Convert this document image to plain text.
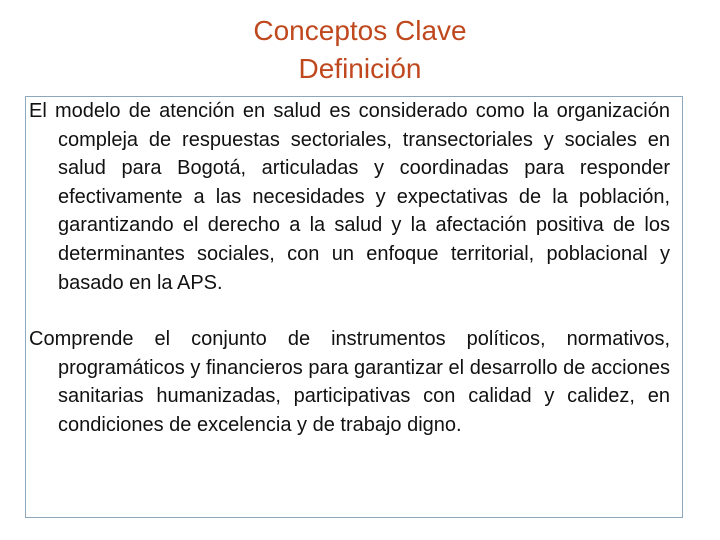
Conceptos Clave
Definición

El modelo de atención en salud es considerado como la organización compleja de respuestas sectoriales, transectoriales y sociales en salud para Bogotá, articuladas y coordinadas para responder efectivamente a las necesidades y expectativas de la población, garantizando el derecho a la salud y la afectación positiva de los determinantes sociales, con un enfoque territorial, poblacional y basado en la APS.

Comprende el conjunto de instrumentos políticos, normativos, programáticos y financieros para garantizar el desarrollo de acciones sanitarias humanizadas, participativas con calidad y calidez, en condiciones de excelencia y de trabajo digno.
